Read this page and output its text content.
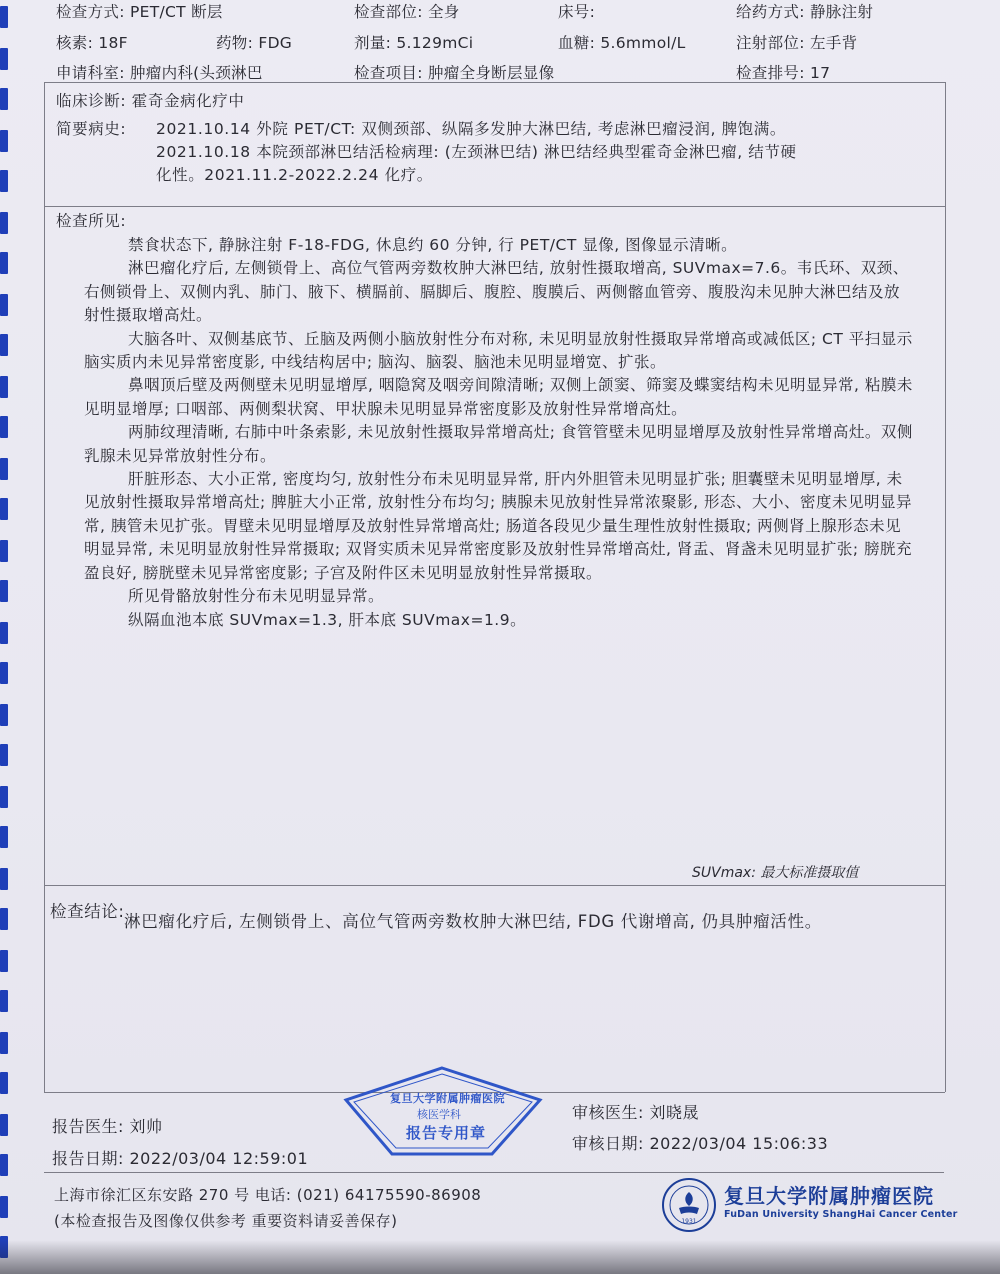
检查方式: PET/CT 断层	检查部位: 全身	床号:	给药方式: 静脉注射
核素: 18F	药物: FDG	剂量: 5.129mCi	血糖: 5.6mmol/L	注射部位: 左手背
申请科室: 肿瘤内科(头颈淋巴	检查项目: 肿瘤全身断层显像	检查排号: 17
临床诊断: 霍奇金病化疗中
简要病史: 2021.10.14 外院 PET/CT: 双侧颈部、纵隔多发肿大淋巴结, 考虑淋巴瘤浸润, 脾饱满。
2021.10.18 本院颈部淋巴结活检病理: (左颈淋巴结) 淋巴结经典型霍奇金淋巴瘤, 结节硬
化性。2021.11.2-2022.2.24 化疗。
检查所见:

禁食状态下, 静脉注射 F-18-FDG, 休息约 60 分钟, 行 PET/CT 显像, 图像显示清晰。

淋巴瘤化疗后, 左侧锁骨上、高位气管两旁数枚肿大淋巴结, 放射性摄取增高, SUVmax=7.6。韦氏环、双颈、右侧锁骨上、双侧内乳、肺门、腋下、横膈前、膈脚后、腹腔、腹膜后、两侧髂血管旁、腹股沟未见肿大淋巴结及放射性摄取增高灶。

大脑各叶、双侧基底节、丘脑及两侧小脑放射性分布对称, 未见明显放射性摄取异常增高或减低区; CT 平扫显示脑实质内未见异常密度影, 中线结构居中; 脑沟、脑裂、脑池未见明显增宽、扩张。

鼻咽顶后壁及两侧壁未见明显增厚, 咽隐窝及咽旁间隙清晰; 双侧上颌窦、筛窦及蝶窦结构未见明显异常, 粘膜未见明显增厚; 口咽部、两侧梨状窝、甲状腺未见明显异常密度影及放射性异常增高灶。

两肺纹理清晰, 右肺中叶条索影, 未见放射性摄取异常增高灶; 食管管壁未见明显增厚及放射性异常增高灶。双侧乳腺未见异常放射性分布。

肝脏形态、大小正常, 密度均匀, 放射性分布未见明显异常, 肝内外胆管未见明显扩张; 胆囊壁未见明显增厚, 未见放射性摄取异常增高灶; 脾脏大小正常, 放射性分布均匀; 胰腺未见放射性异常浓聚影, 形态、大小、密度未见明显异常, 胰管未见扩张。胃壁未见明显增厚及放射性异常增高灶; 肠道各段见少量生理性放射性摄取; 两侧肾上腺形态未见明显异常, 未见明显放射性异常摄取; 双肾实质未见异常密度影及放射性异常增高灶, 肾盂、肾盏未见明显扩张; 膀胱充盈良好, 膀胱壁未见异常密度影; 子宫及附件区未见明显放射性异常摄取。

所见骨骼放射性分布未见明显异常。

纵隔血池本底 SUVmax=1.3, 肝本底 SUVmax=1.9。

SUVmax: 最大标准摄取值
检查结论:

淋巴瘤化疗后, 左侧锁骨上、高位气管两旁数枚肿大淋巴结, FDG 代谢增高, 仍具肿瘤活性。

复旦大学附属肿瘤医院
核医学科
报告专用章
报告医生: 刘帅
报告日期: 2022/03/04 12:59:01
审核医生: 刘晓晟
审核日期: 2022/03/04 15:06:33
上海市徐汇区东安路 270 号 电话: (021) 64175590-86908
(本检查报告及图像仅供参考 重要资料请妥善保存)	1931
复旦大学附属肿瘤医院
FuDan University ShangHai Cancer Center
